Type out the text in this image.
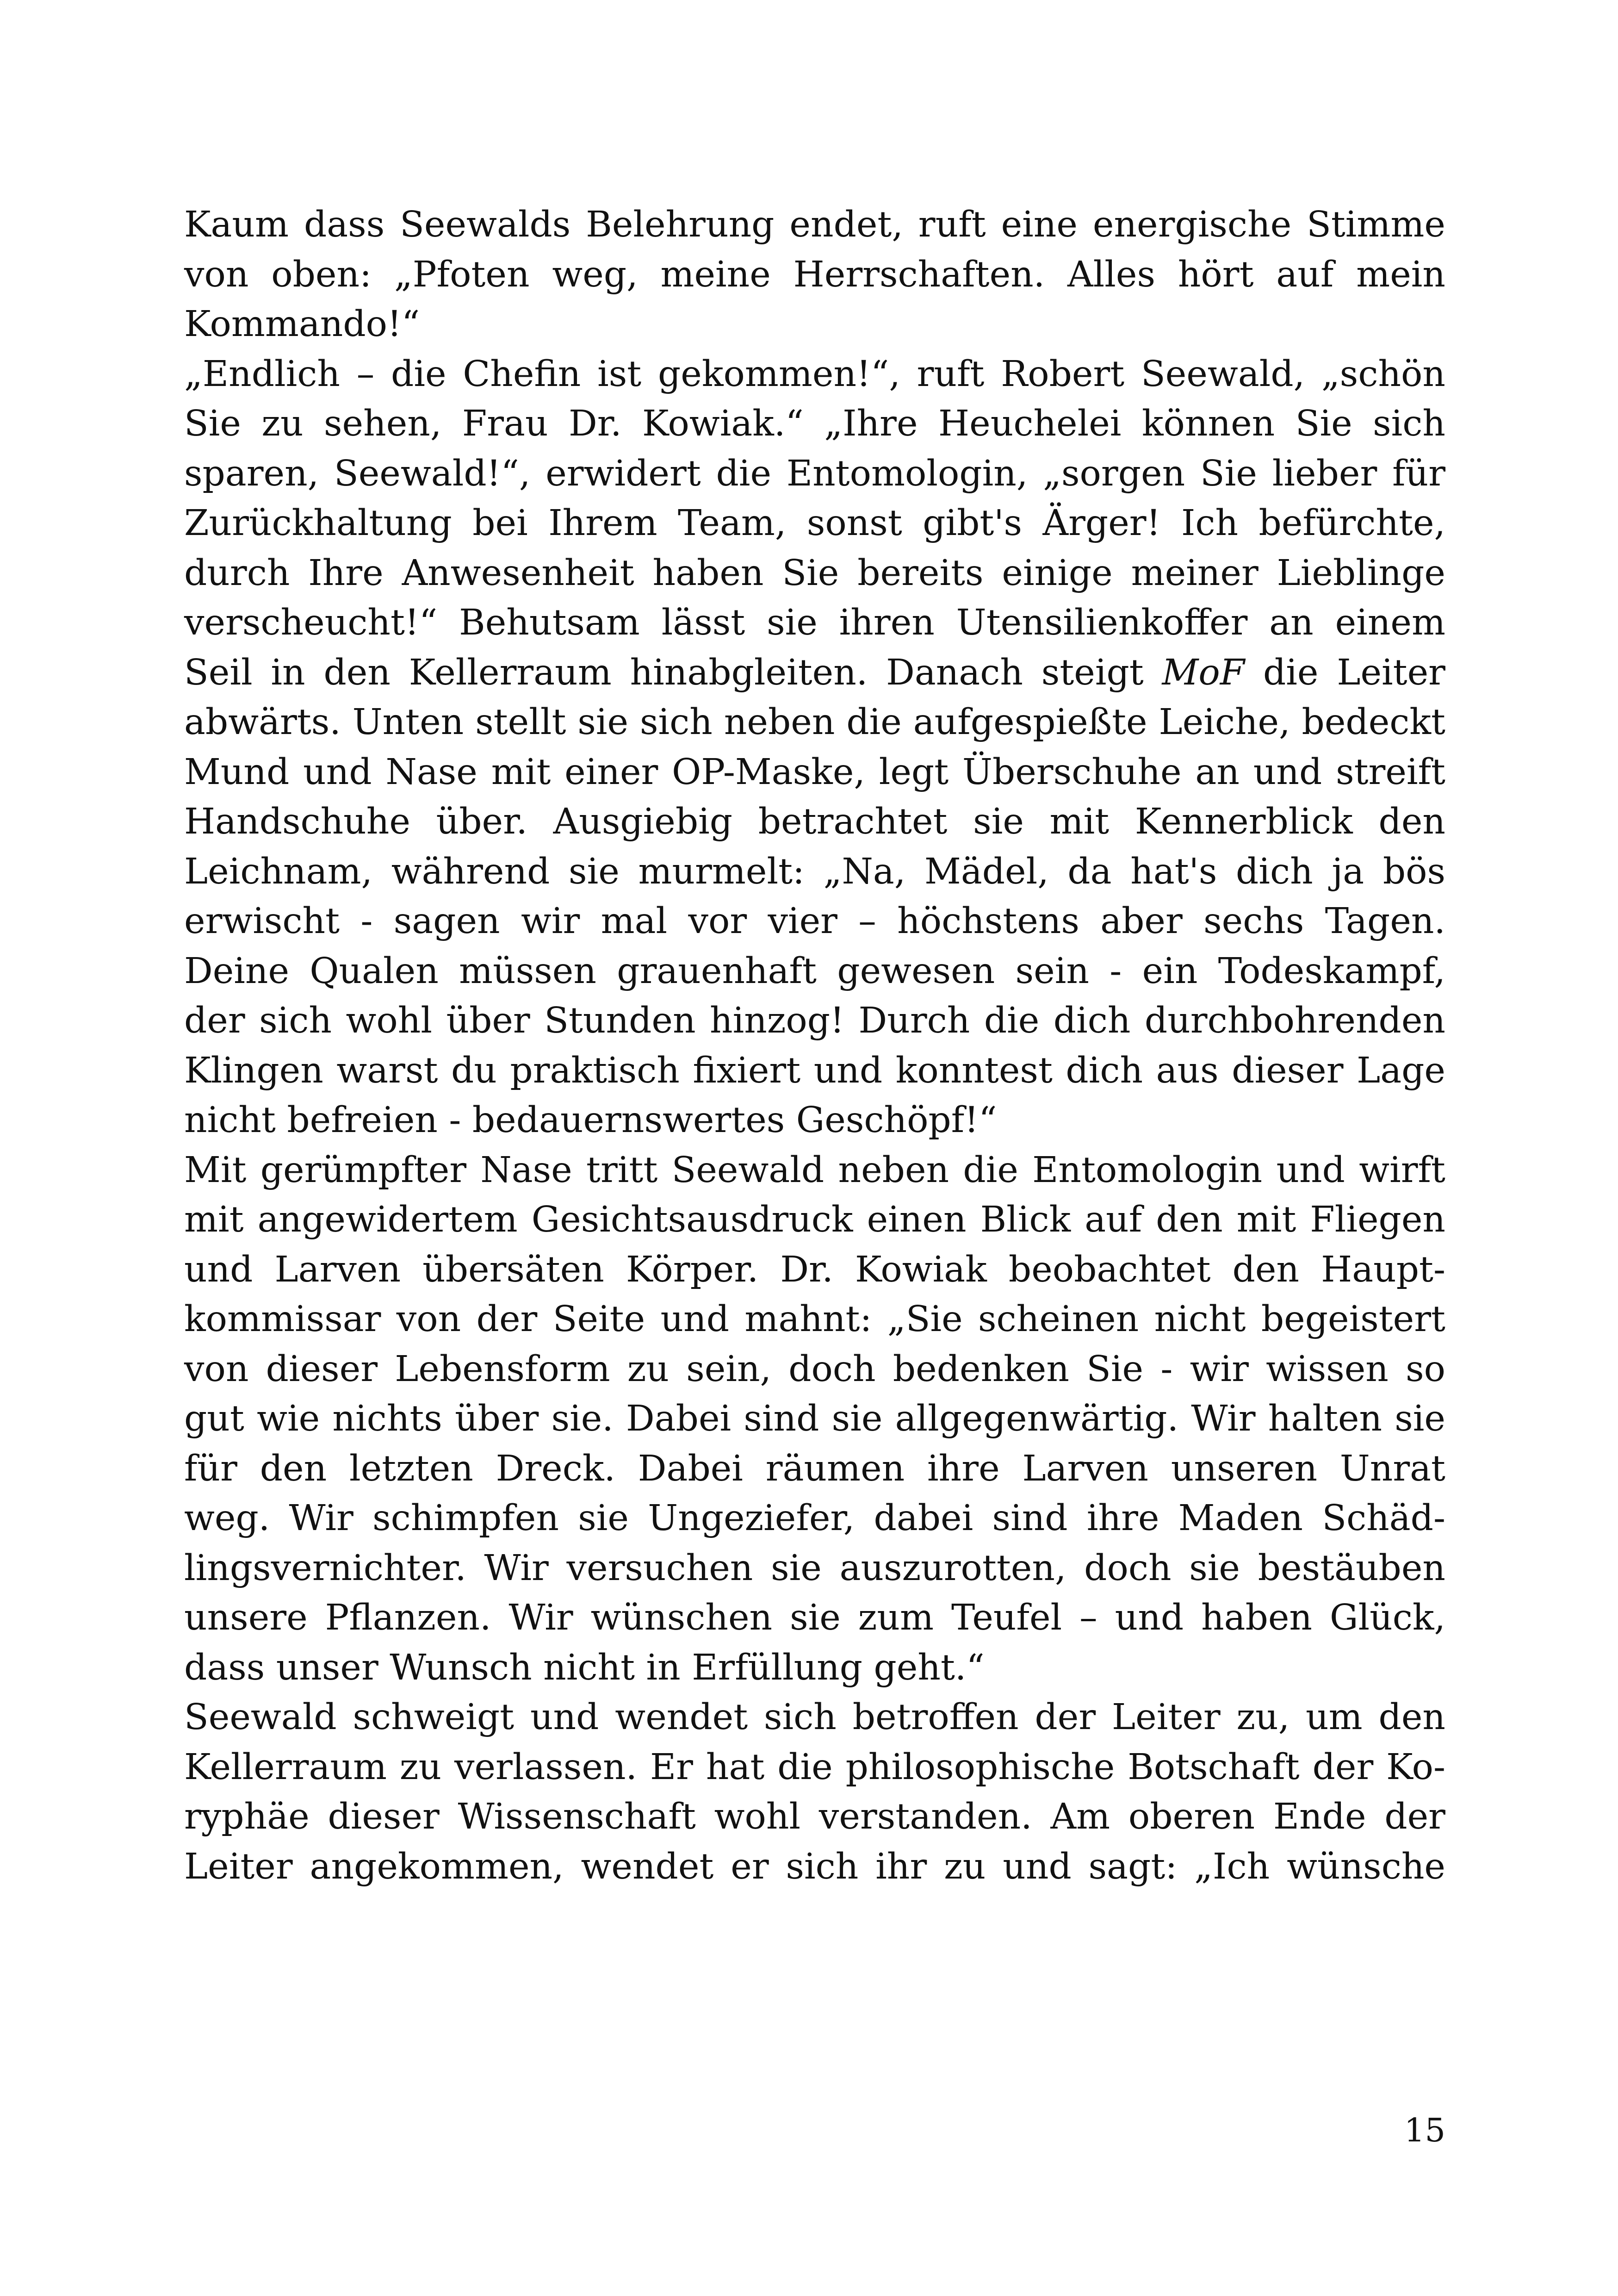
Kaum dass Seewalds Belehrung endet, ruft eine energische Stimme
von oben: „Pfoten weg, meine Herrschaften. Alles hört auf mein
Kommando!“
„Endlich – die Chefin ist gekommen!“, ruft Robert Seewald, „schön
Sie zu sehen, Frau Dr. Kowiak.“ „Ihre Heuchelei können Sie sich
sparen, Seewald!“, erwidert die Entomologin, „sorgen Sie lieber für
Zurückhaltung bei Ihrem Team, sonst gibt's Ärger! Ich befürchte,
durch Ihre Anwesenheit haben Sie bereits einige meiner Lieblinge
verscheucht!“ Behutsam lässt sie ihren Utensilienkoffer an einem
Seil in den Kellerraum hinabgleiten. Danach steigt MoF die Leiter
abwärts. Unten stellt sie sich neben die aufgespießte Leiche, bedeckt
Mund und Nase mit einer OP-Maske, legt Überschuhe an und streift
Handschuhe über. Ausgiebig betrachtet sie mit Kennerblick den
Leichnam, während sie murmelt: „Na, Mädel, da hat's dich ja bös
erwischt - sagen wir mal vor vier – höchstens aber sechs Tagen.
Deine Qualen müssen grauenhaft gewesen sein - ein Todeskampf,
der sich wohl über Stunden hinzog! Durch die dich durchbohrenden
Klingen warst du praktisch fixiert und konntest dich aus dieser Lage
nicht befreien - bedauernswertes Geschöpf!“
Mit gerümpfter Nase tritt Seewald neben die Entomologin und wirft
mit angewidertem Gesichtsausdruck einen Blick auf den mit Fliegen
und Larven übersäten Körper. Dr. Kowiak beobachtet den Haupt-
kommissar von der Seite und mahnt: „Sie scheinen nicht begeistert
von dieser Lebensform zu sein, doch bedenken Sie - wir wissen so
gut wie nichts über sie. Dabei sind sie allgegenwärtig. Wir halten sie
für den letzten Dreck. Dabei räumen ihre Larven unseren Unrat
weg. Wir schimpfen sie Ungeziefer, dabei sind ihre Maden Schäd-
lingsvernichter. Wir versuchen sie auszurotten, doch sie bestäuben
unsere Pflanzen. Wir wünschen sie zum Teufel – und haben Glück,
dass unser Wunsch nicht in Erfüllung geht.“
Seewald schweigt und wendet sich betroffen der Leiter zu, um den
Kellerraum zu verlassen. Er hat die philosophische Botschaft der Ko-
ryphäe dieser Wissenschaft wohl verstanden. Am oberen Ende der
Leiter angekommen, wendet er sich ihr zu und sagt: „Ich wünsche
15
